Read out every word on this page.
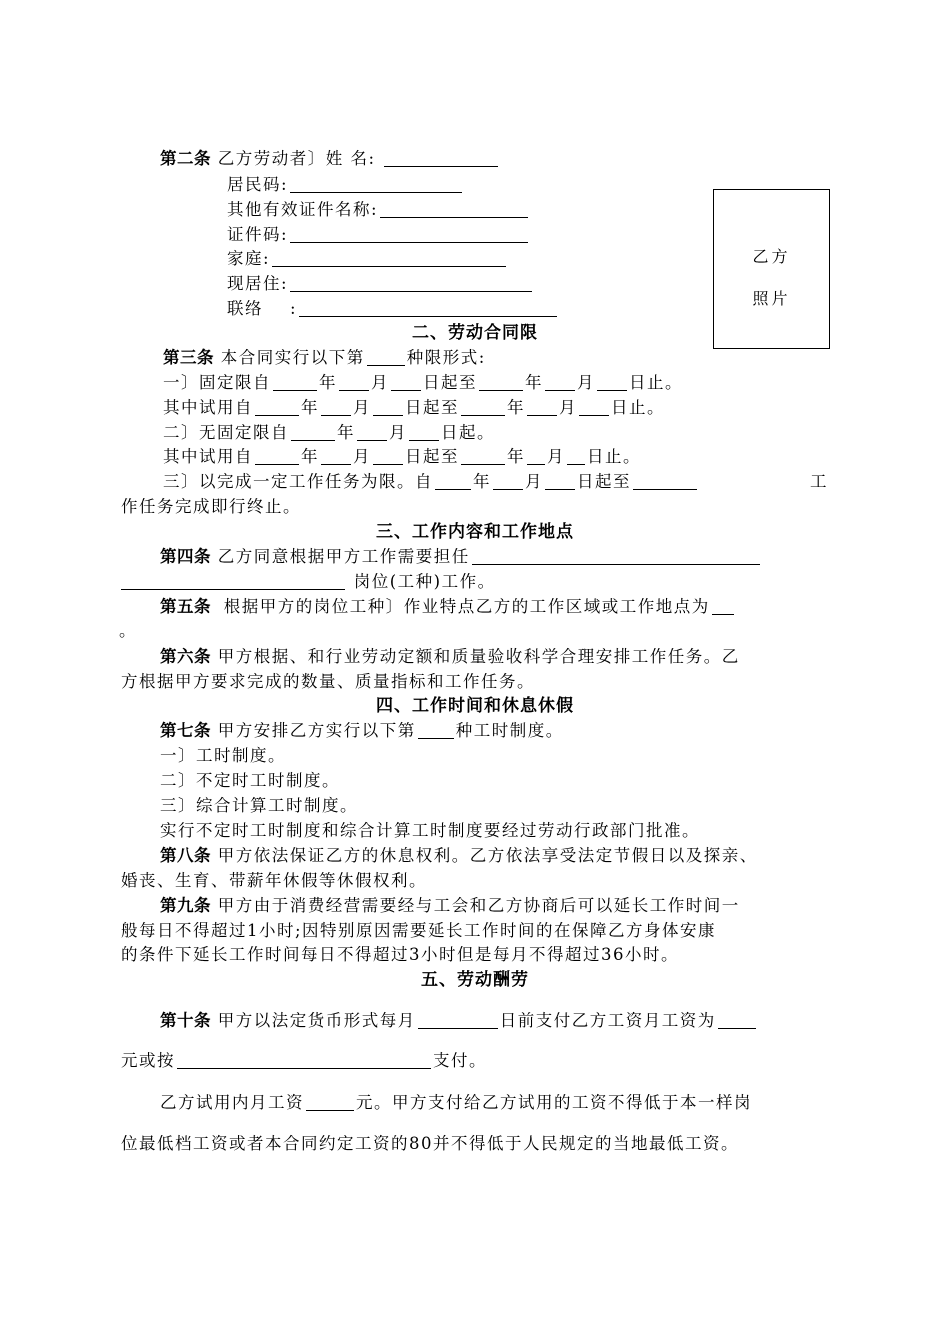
第二条 乙方劳动者〕姓 名:
居民码:
其他有效证件名称:
证件码:
家庭:
现居住:
联络    :
乙方
照片
二、劳动合同限
第三条 本合同实行以下第	种限形式:
一〕固定限自	年 月 日起至	年 月 日止。
其中试用自	年 月 日起至	年 月 日止。
二〕无固定限自	年 月 日起。
其中试用自	年 月 日起至	年 月 日止。
三〕以完成一定工作任务为限。自 年 月 日起至	工
作任务完成即行终止。
三、工作内容和工作地点
第四条 乙方同意根据甲方工作需要担任
岗位(工种)工作。
第五条 根据甲方的岗位工种〕作业特点乙方的工作区域或工作地点为
。
第六条 甲方根据、和行业劳动定额和质量验收科学合理安排工作任务。乙
方根据甲方要求完成的数量、质量指标和工作任务。
四、工作时间和休息休假
第七条 甲方安排乙方实行以下第 种工时制度。
一〕工时制度。
二〕不定时工时制度。
三〕综合计算工时制度。
实行不定时工时制度和综合计算工时制度要经过劳动行政部门批准。
第八条 甲方依法保证乙方的休息权利。乙方依法享受法定节假日以及探亲、
婚丧、生育、带薪年休假等休假权利。
第九条 甲方由于消费经营需要经与工会和乙方协商后可以延长工作时间一
般每日不得超过1小时;因特别原因需要延长工作时间的在保障乙方身体安康
的条件下延长工作时间每日不得超过3小时但是每月不得超过36小时。
五、劳动酬劳
第十条 甲方以法定货币形式每月	日前支付乙方工资月工资为
元或按	支付。
乙方试用内月工资	元。甲方支付给乙方试用的工资不得低于本一样岗
位最低档工资或者本合同约定工资的80并不得低于人民规定的当地最低工资。
